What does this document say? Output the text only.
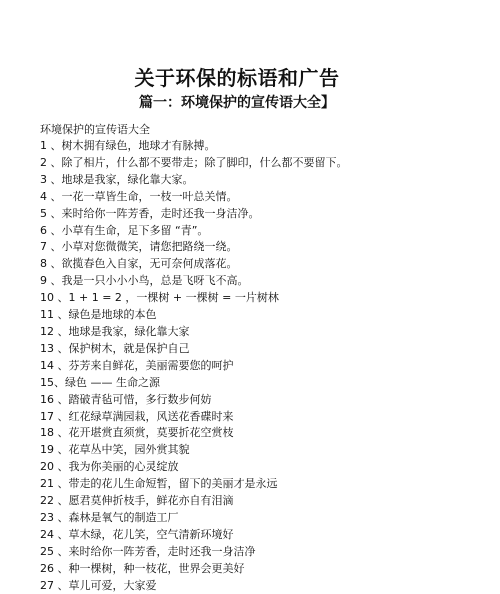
关于环保的标语和广告
篇一：环境保护的宣传语大全】
环境保护的宣传语大全
1 、树木拥有绿色，地球才有脉搏。
2 、除了相片，什么都不要带走；除了脚印，什么都不要留下。
3 、地球是我家，绿化靠大家。
4 、一花一草皆生命，一枝一叶总关情。
5 、来时给你一阵芳香，走时还我一身洁净。
6 、小草有生命，足下多留 “青”。
7 、小草对您微微笑，请您把路绕一绕。
8 、欲揽春色入自家，无可奈何成落花。
9 、我是一只小小小鸟，总是飞呀飞不高。
10 、1 + 1 = 2 ，一棵树 + 一棵树 = 一片树林
11 、绿色是地球的本色
12 、地球是我家，绿化靠大家
13 、保护树木，就是保护自己
14 、芬芳来自鲜花，美丽需要您的呵护
15、绿色 —— 生命之源
16 、踏破青毡可惜，多行数步何妨
17 、红花绿草满园栽，风送花香碟时来
18 、花开堪赏直须赏，莫要折花空赏枝
19 、花草丛中笑，园外赏其貌
20 、我为你美丽的心灵绽放
21 、带走的花儿生命短暂，留下的美丽才是永远
22 、愿君莫伸折枝手，鲜花亦自有泪滴
23 、森林是氧气的制造工厂
24 、草木绿，花儿笑，空气清新环境好
25 、来时给你一阵芳香，走时还我一身洁净
26 、种一棵树，种一枝花，世界会更美好
27 、草儿可爱，大家爱
